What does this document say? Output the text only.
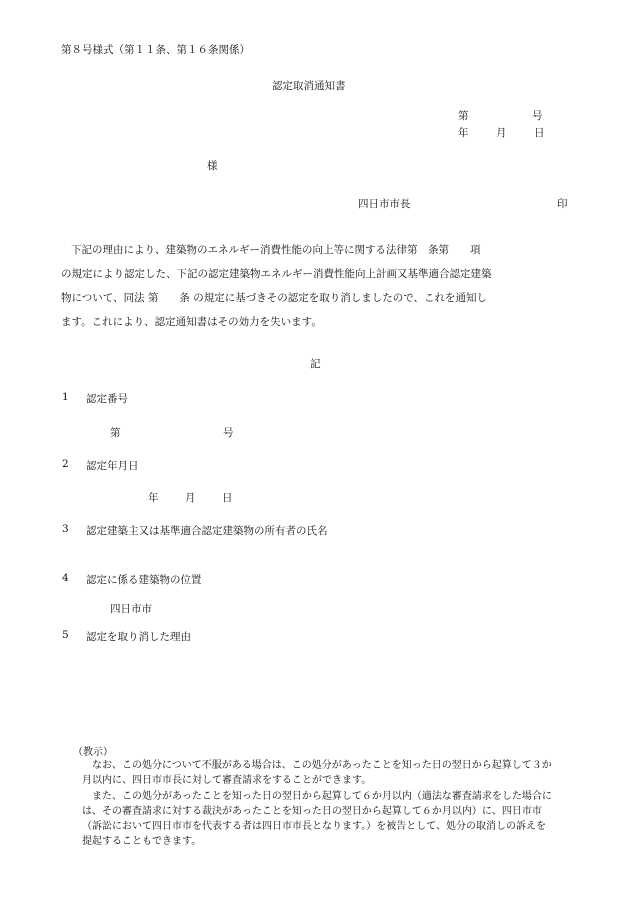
第８号様式（第１１条、第１６条関係）
認定取消通知書
第	号
年	月	日
様
四日市市長	印
下記の理由により、建築物のエネルギー消費性能の向上等に関する法律第　条第　　項
の規定により認定した、下記の認定建築物エネルギー消費性能向上計画又基準適合認定建築
物について、同法 第　　条 の規定に基づきその認定を取り消しましたので、これを通知し
ます。これにより、認定通知書はその効力を失います。
記
1 認定番号
第	号
2 認定年月日
年	月	日
3 認定建築主又は基準適合認定建築物の所有者の氏名
4 認定に係る建築物の位置
四日市市
5 認定を取り消した理由
（教示）

なお、この処分について不服がある場合は、この処分があったことを知った日の翌日から起算して３か月以内に、四日市市長に対して審査請求をすることができます。

また、この処分があったことを知った日の翌日から起算して６か月以内（適法な審査請求をした場合には、その審査請求に対する裁決があったことを知った日の翌日から起算して６か月以内）に、四日市市（訴訟において四日市市を代表する者は四日市市長となります。）を被告として、処分の取消しの訴えを提起することもできます。
